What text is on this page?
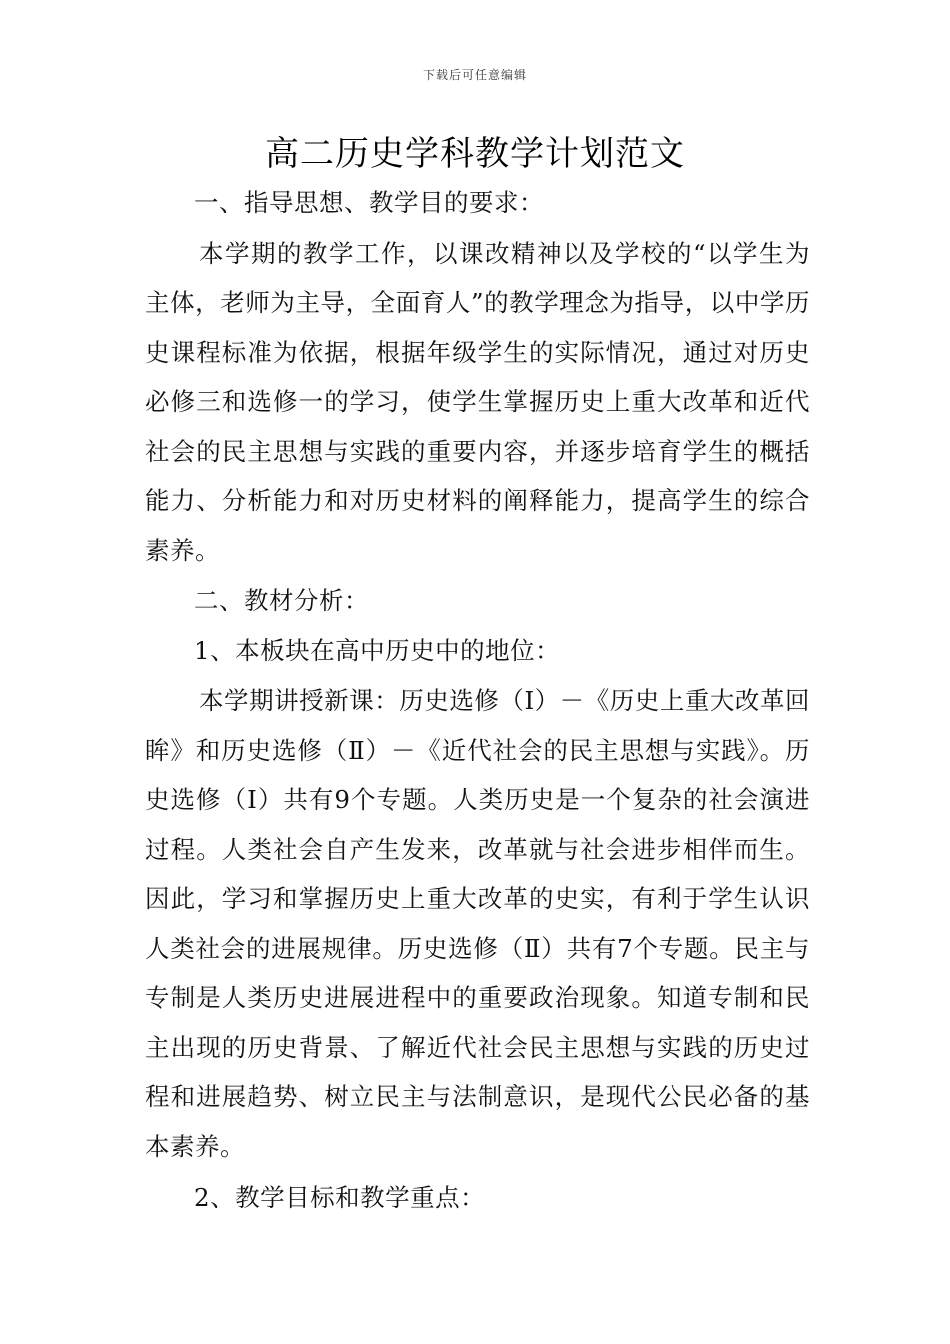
下载后可任意编辑
高二历史学科教学计划范文

一、指导思想、教学目的要求：

本学期的教学工作，以课改精神以及学校的“以学生为主体，老师为主导，全面育人”的教学理念为指导，以中学历史课程标准为依据，根据年级学生的实际情况，通过对历史必修三和选修一的学习，使学生掌握历史上重大改革和近代社会的民主思想与实践的重要内容，并逐步培育学生的概括能力、分析能力和对历史材料的阐释能力，提高学生的综合素养。

二、教材分析：

1、本板块在高中历史中的地位：

本学期讲授新课：历史选修（Ⅰ）－《历史上重大改革回眸》和历史选修（Ⅱ）－《近代社会的民主思想与实践》。历史选修（Ⅰ）共有9个专题。人类历史是一个复杂的社会演进过程。人类社会自产生发来，改革就与社会进步相伴而生。因此，学习和掌握历史上重大改革的史实，有利于学生认识人类社会的进展规律。历史选修（Ⅱ）共有7个专题。民主与专制是人类历史进展进程中的重要政治现象。知道专制和民主出现的历史背景、了解近代社会民主思想与实践的历史过程和进展趋势、树立民主与法制意识，是现代公民必备的基本素养。

2、教学目标和教学重点：
